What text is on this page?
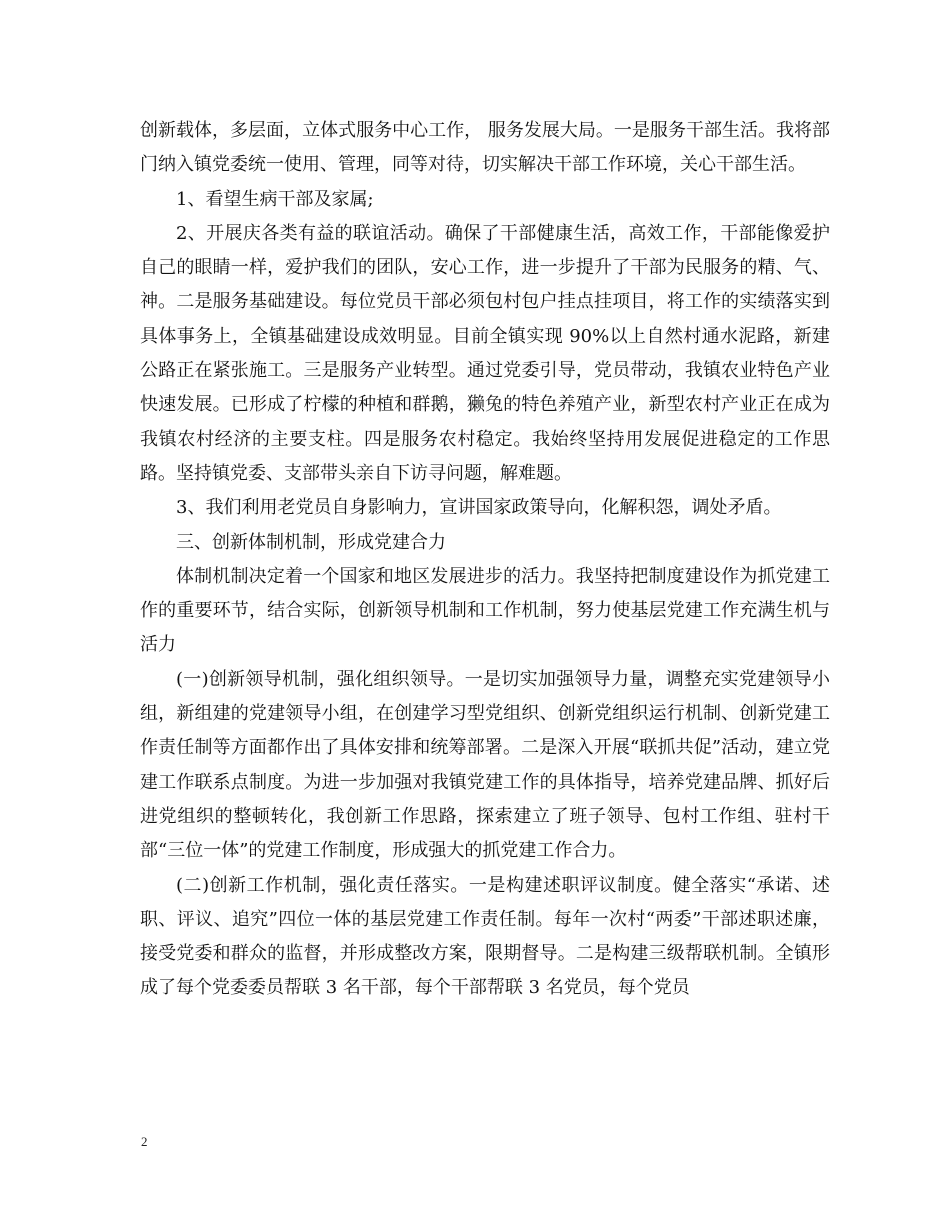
创新载体，多层面，立体式服务中心工作， 服务发展大局。一是服务干部生活。我将部门纳入镇党委统一使用、管理，同等对待，切实解决干部工作环境，关心干部生活。

1、看望生病干部及家属;

2、开展庆各类有益的联谊活动。确保了干部健康生活，高效工作，干部能像爱护自己的眼睛一样，爱护我们的团队，安心工作，进一步提升了干部为民服务的精、气、神。二是服务基础建设。每位党员干部必须包村包户挂点挂项目，将工作的实绩落实到具体事务上，全镇基础建设成效明显。目前全镇实现 90%以上自然村通水泥路，新建公路正在紧张施工。三是服务产业转型。通过党委引导，党员带动，我镇农业特色产业快速发展。已形成了柠檬的种植和群鹅，獭兔的特色养殖产业，新型农村产业正在成为我镇农村经济的主要支柱。四是服务农村稳定。我始终坚持用发展促进稳定的工作思路。坚持镇党委、支部带头亲自下访寻问题，解难题。

3、我们利用老党员自身影响力，宣讲国家政策导向，化解积怨，调处矛盾。

三、创新体制机制，形成党建合力

体制机制决定着一个国家和地区发展进步的活力。我坚持把制度建设作为抓党建工作的重要环节，结合实际，创新领导机制和工作机制，努力使基层党建工作充满生机与活力

(一)创新领导机制，强化组织领导。一是切实加强领导力量，调整充实党建领导小组，新组建的党建领导小组，在创建学习型党组织、创新党组织运行机制、创新党建工作责任制等方面都作出了具体安排和统筹部署。二是深入开展“联抓共促”活动，建立党建工作联系点制度。为进一步加强对我镇党建工作的具体指导，培养党建品牌、抓好后进党组织的整顿转化，我创新工作思路，探索建立了班子领导、包村工作组、驻村干部“三位一体”的党建工作制度，形成强大的抓党建工作合力。

(二)创新工作机制，强化责任落实。一是构建述职评议制度。健全落实“承诺、述职、评议、追究”四位一体的基层党建工作责任制。每年一次村“两委”干部述职述廉，接受党委和群众的监督，并形成整改方案，限期督导。二是构建三级帮联机制。全镇形成了每个党委委员帮联 3 名干部，每个干部帮联 3 名党员，每个党员

2
